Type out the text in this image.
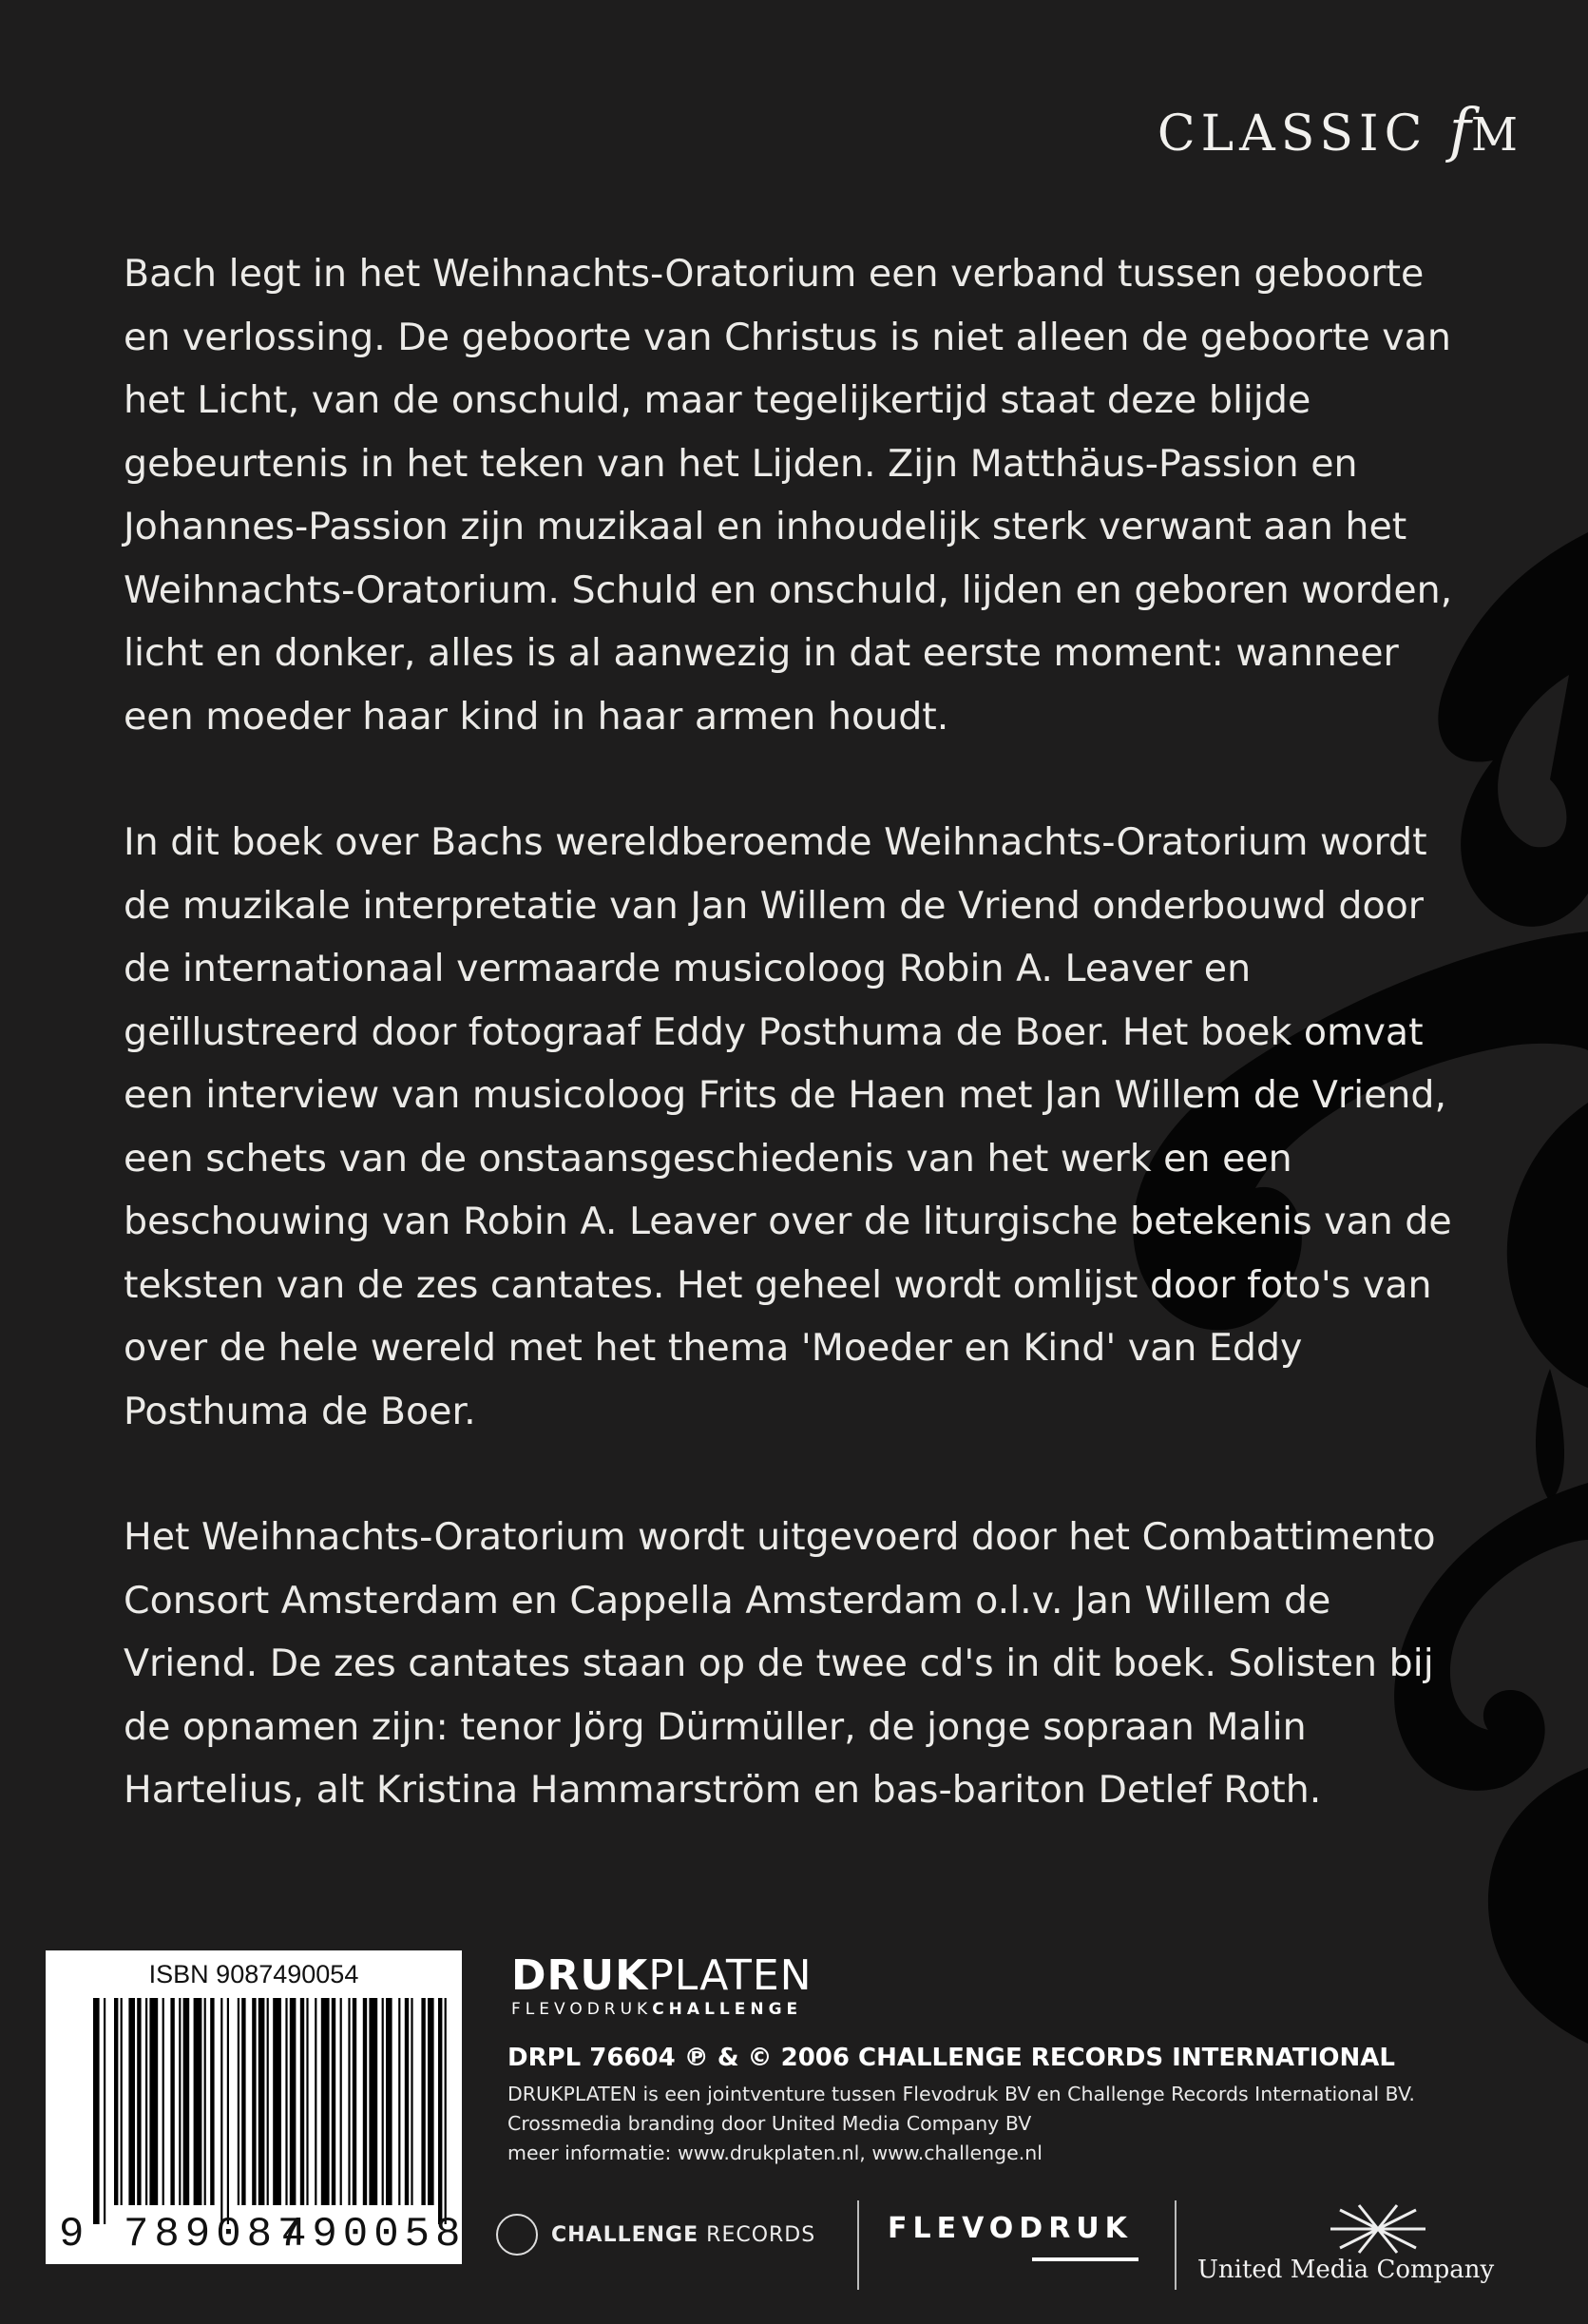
CLASSIC fM

Bach legt in het Weihnachts-Oratorium een verband tussen geboorte en verlossing. De geboorte van Christus is niet alleen de geboorte van het Licht, van de onschuld, maar tegelijkertijd staat deze blijde gebeurtenis in het teken van het Lijden. Zijn Matthäus-Passion en Johannes-Passion zijn muzikaal en inhoudelijk sterk verwant aan het Weihnachts-Oratorium. Schuld en onschuld, lijden en geboren worden, licht en donker, alles is al aanwezig in dat eerste moment: wanneer een moeder haar kind in haar armen houdt.

In dit boek over Bachs wereldberoemde Weihnachts-Oratorium wordt de muzikale interpretatie van Jan Willem de Vriend onderbouwd door de internationaal vermaarde musicoloog Robin A. Leaver en geïllustreerd door fotograaf Eddy Posthuma de Boer. Het boek omvat een interview van musicoloog Frits de Haen met Jan Willem de Vriend, een schets van de onstaansgeschiedenis van het werk en een beschouwing van Robin A. Leaver over de liturgische betekenis van de teksten van de zes cantates. Het geheel wordt omlijst door foto's van over de hele wereld met het thema 'Moeder en Kind' van Eddy Posthuma de Boer.

Het Weihnachts-Oratorium wordt uitgevoerd door het Combattimento Consort Amsterdam en Cappella Amsterdam o.l.v. Jan Willem de Vriend. De zes cantates staan op de twee cd's in dit boek. Solisten bij de opnamen zijn: tenor Jörg Dürmüller, de jonge sopraan Malin Hartelius, alt Kristina Hammarström en bas-bariton Detlef Roth.

ISBN 9087490054
9 789087
490058
DRUKPLATEN
FLEVODRUKCHALLENGE
DRPL 76604 ℗ & © 2006 CHALLENGE RECORDS INTERNATIONAL
DRUKPLATEN is een jointventure tussen Flevodruk BV en Challenge Records International BV.
Crossmedia branding door United Media Company BV
meer informatie: www.drukplaten.nl, www.challenge.nl
CHALLENGE RECORDS	FLEVODRUK
United Media Company
